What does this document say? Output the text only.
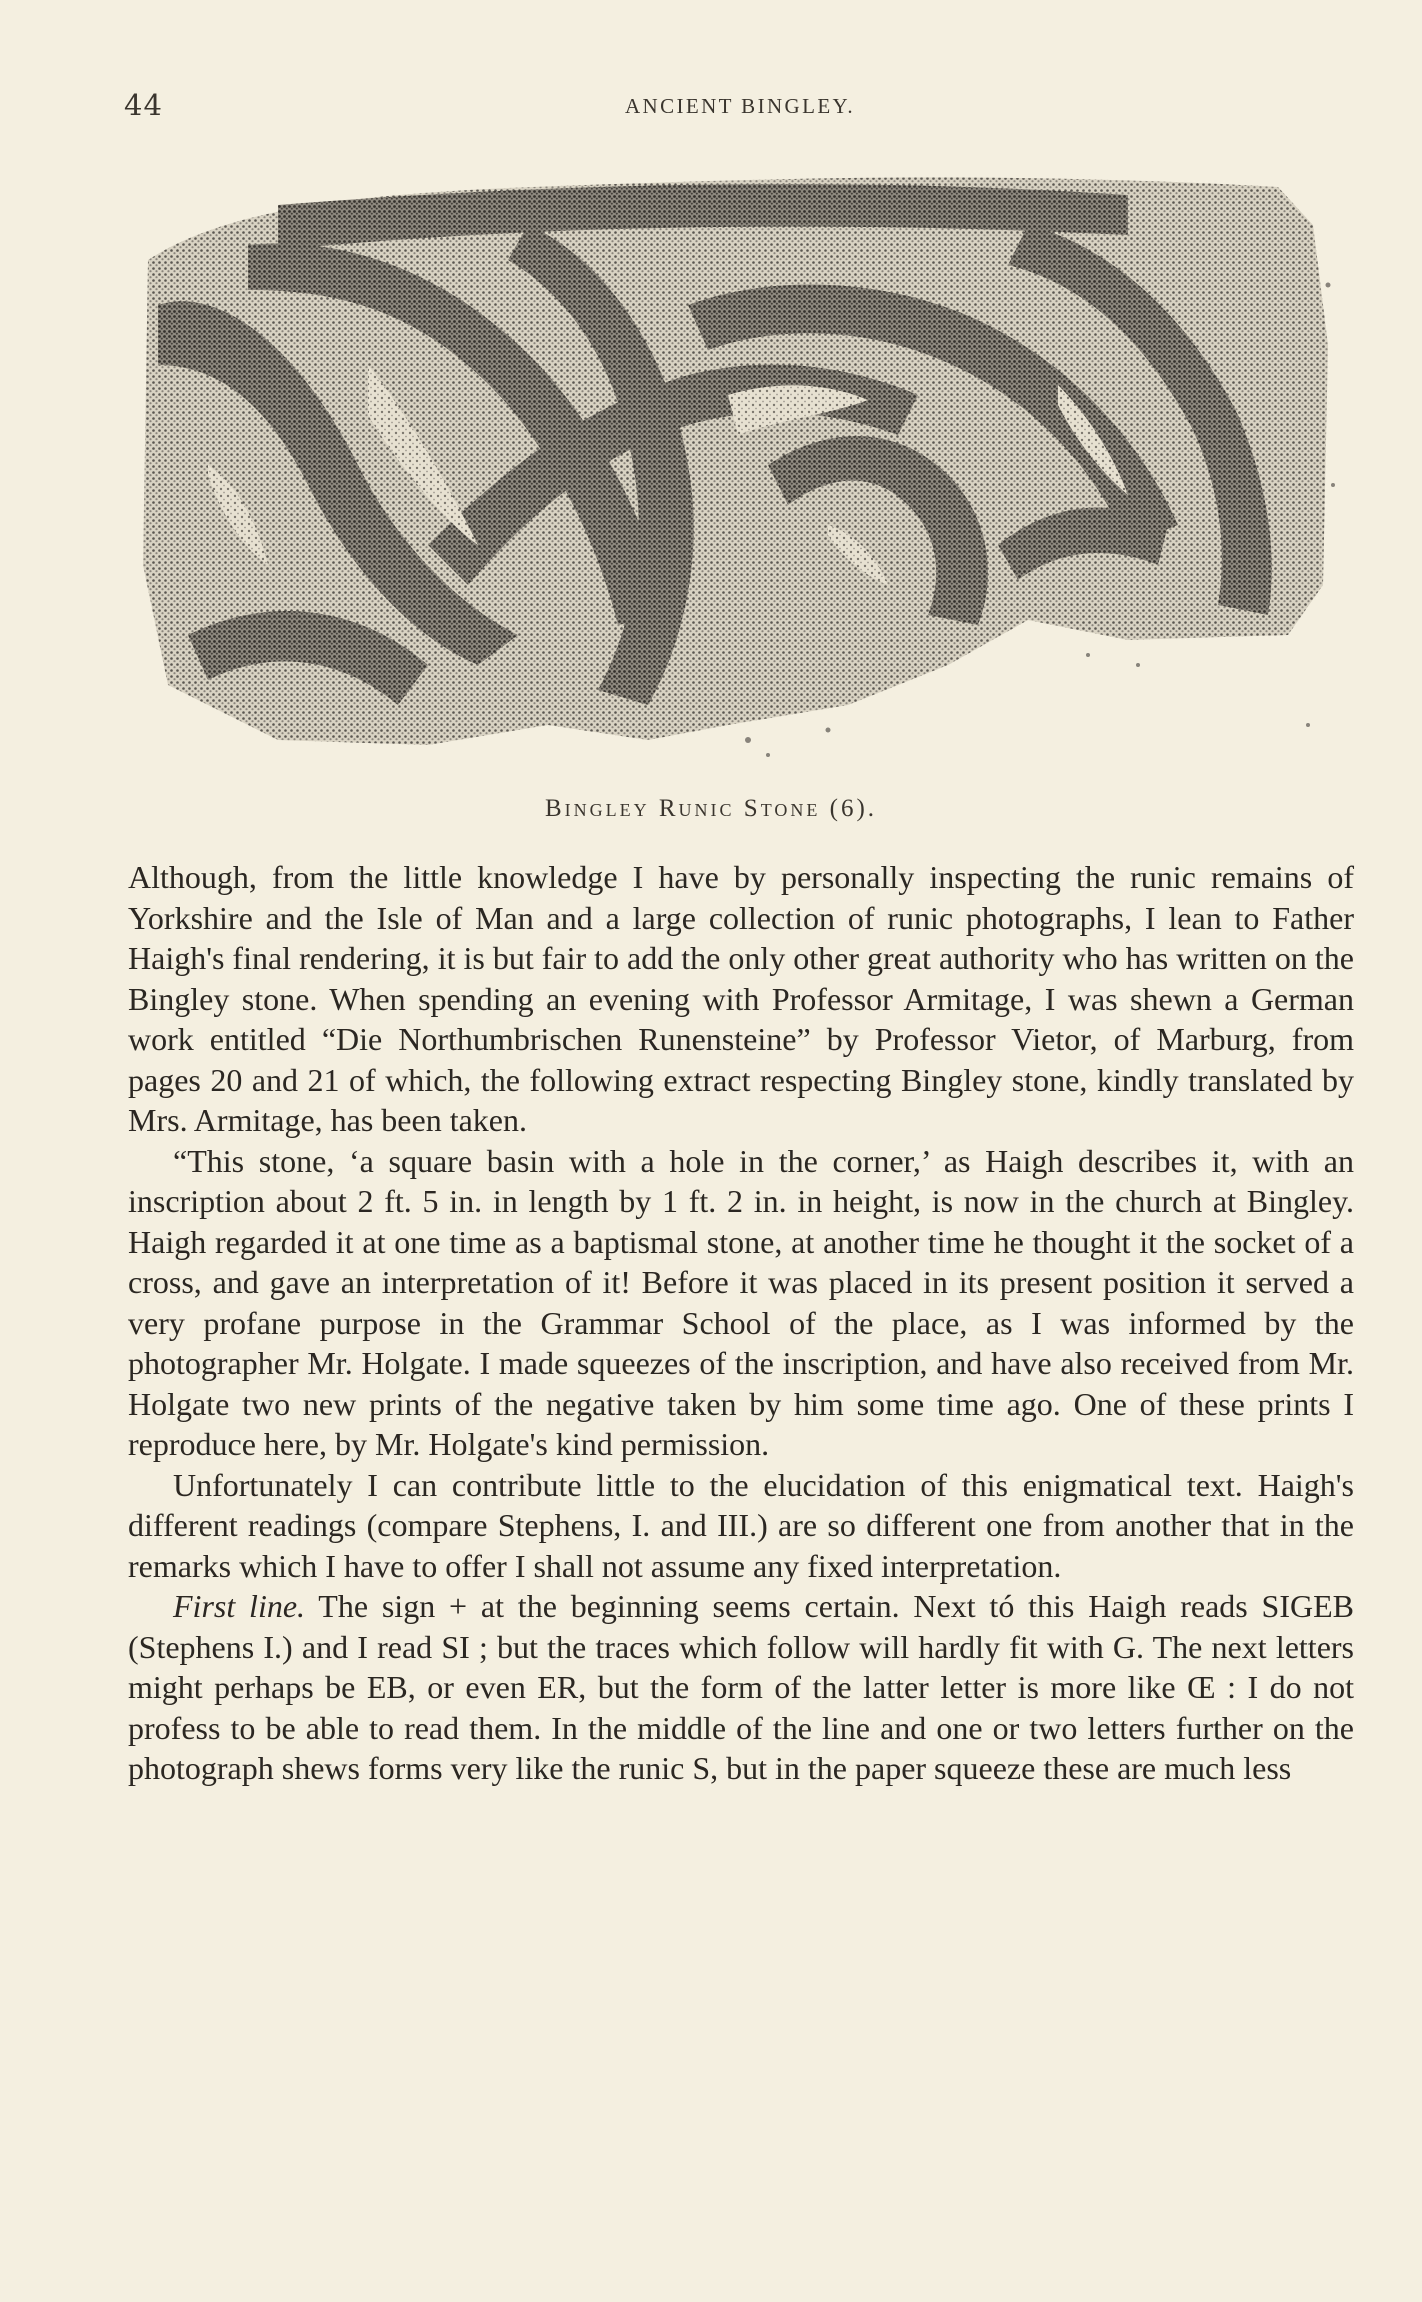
44	ANCIENT BINGLEY.
Bingley Runic Stone (6).

Although, from the little knowledge I have by personally inspecting the runic remains of Yorkshire and the Isle of Man and a large collection of runic photographs, I lean to Father Haigh's final rendering, it is but fair to add the only other great authority who has written on the Bingley stone. When spending an evening with Professor Armitage, I was shewn a German work entitled “Die Northumbrischen Runensteine” by Professor Vietor, of Marburg, from pages 20 and 21 of which, the following extract respecting Bingley stone, kindly translated by Mrs. Armitage, has been taken.

“This stone, ‘a square basin with a hole in the corner,’ as Haigh describes it, with an inscription about 2 ft. 5 in. in length by 1 ft. 2 in. in height, is now in the church at Bingley. Haigh regarded it at one time as a baptismal stone, at another time he thought it the socket of a cross, and gave an interpretation of it! Before it was placed in its present position it served a very profane purpose in the Grammar School of the place, as I was informed by the photographer Mr. Holgate. I made squeezes of the inscription, and have also received from Mr. Holgate two new prints of the negative taken by him some time ago. One of these prints I reproduce here, by Mr. Holgate's kind permission.

Unfortunately I can contribute little to the elucidation of this enigmatical text. Haigh's different readings (compare Stephens, I. and III.) are so different one from another that in the remarks which I have to offer I shall not assume any fixed interpretation.

First line. The sign + at the beginning seems certain. Next tó this Haigh reads SIGEB (Stephens I.) and I read SI ; but the traces which follow will hardly fit with G. The next letters might perhaps be EB, or even ER, but the form of the latter letter is more like Œ : I do not profess to be able to read them. In the middle of the line and one or two letters further on the photograph shews forms very like the runic S, but in the paper squeeze these are much less
